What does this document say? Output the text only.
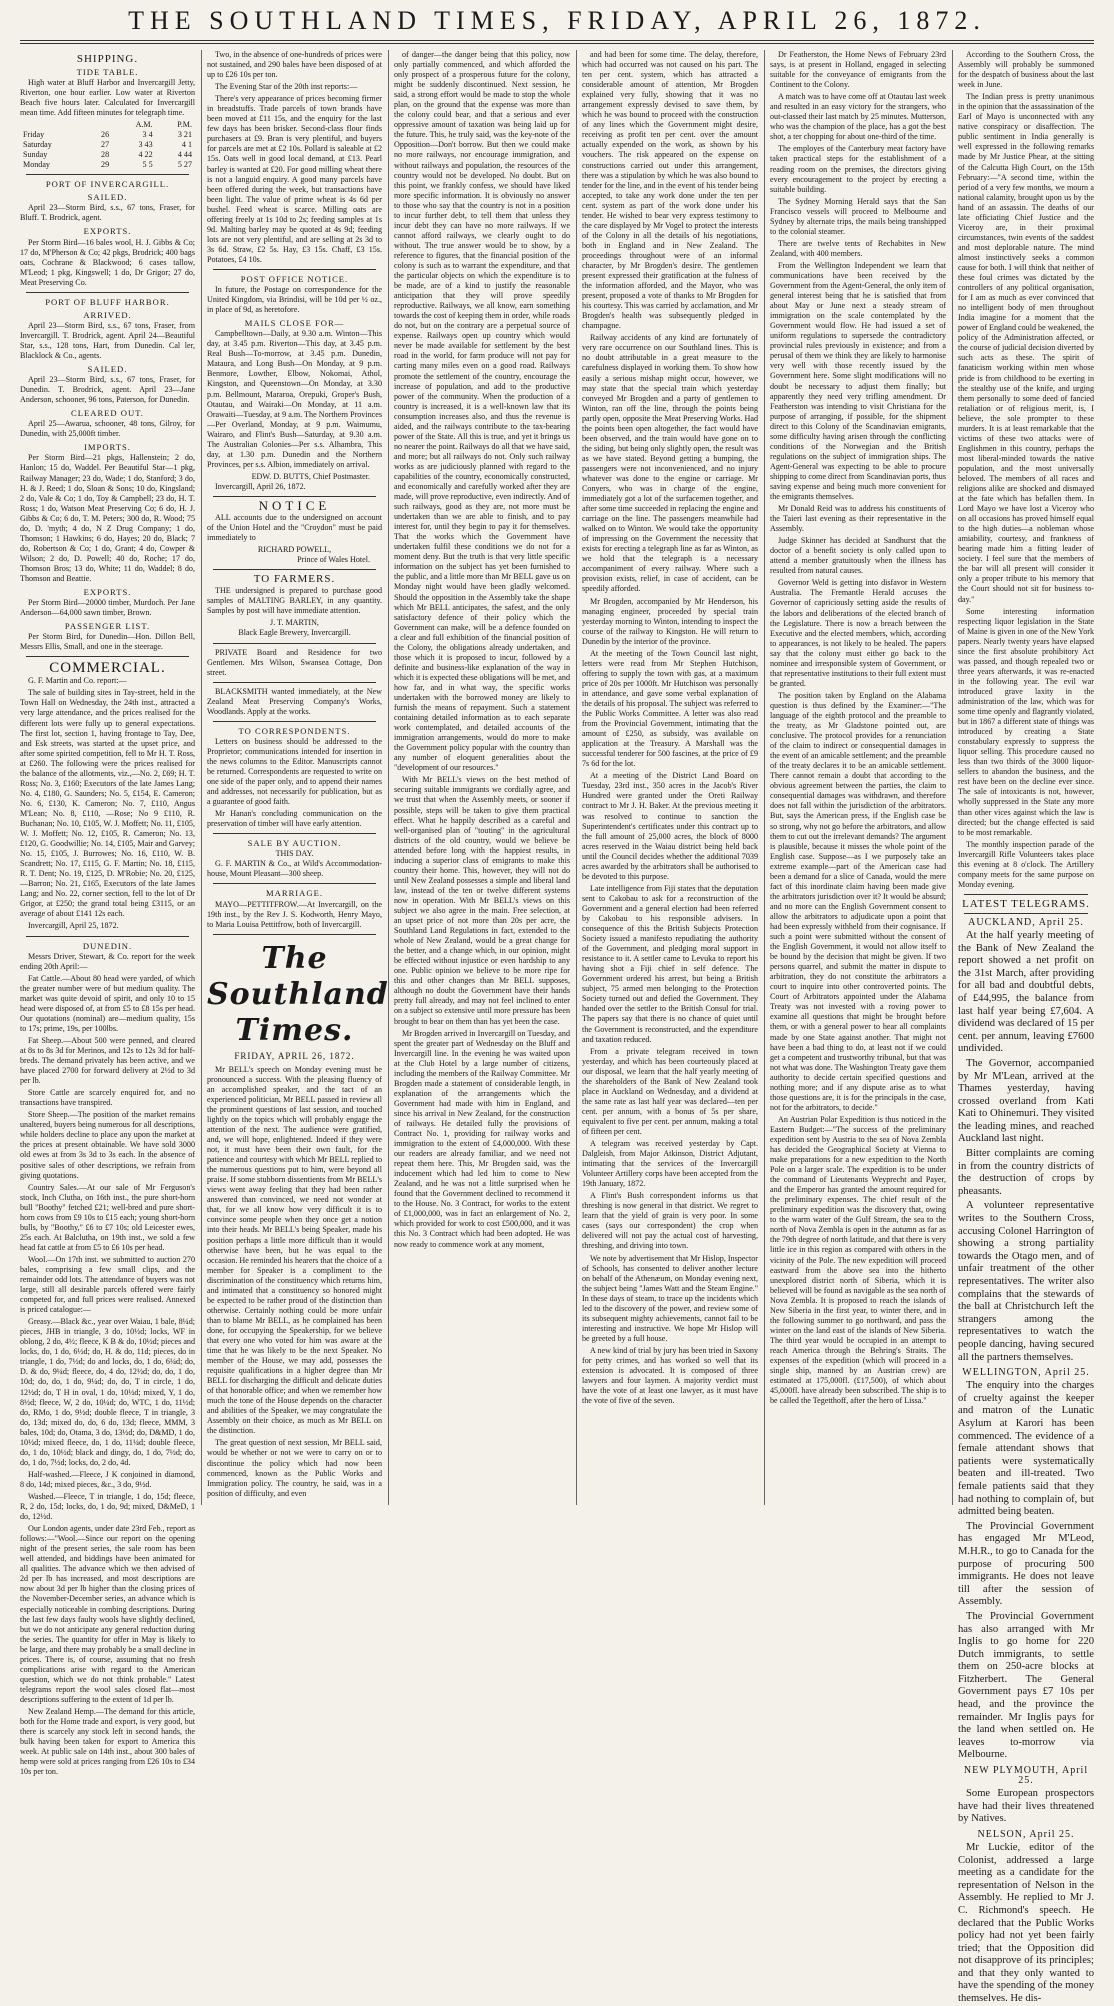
THE SOUTHLAND TIMES, FRIDAY, APRIL 26, 1872.
SHIPPING.
TIDE TABLE.

High water at Bluff Harbor and Invercargill Jetty, Riverton, one hour earlier. Low water at Riverton Beach five hours later. Calculated for Invercargill mean time. Add fifteen minutes for telegraph time.

		A.M.	P.M.
Friday	26	3 4	3 21
Saturday	27	3 43	4 1
Sunday	28	4 22	4 44
Monday	29	5 5	5 27
PORT OF INVERCARGILL.
SAILED.

April 23—Storm Bird, s.s., 67 tons, Fraser, for Bluff. T. Brodrick, agent.

EXPORTS.

Per Storm Bird—16 bales wool, H. J. Gibbs & Co; 17 do, M'Pherson & Co; 42 pkgs, Brodrick; 400 bags oats, Cochrane & Blackwood; 6 cases tallow, M'Leod; 1 pkg, Kingswell; 1 do, Dr Grigor; 27 do, Meat Preserving Co.

PORT OF BLUFF HARBOR.
ARRIVED.

April 23—Storm Bird, s.s., 67 tons, Fraser, from Invercargill. T. Brodrick, agent. April 24—Beautiful Star, s.s., 128 tons, Hart, from Dunedin. Cal ler, Blacklock & Co., agents.

SAILED.

April 23—Storm Bird, s.s., 67 tons, Fraser, for Dunedin. T. Brodrick, agent. April 23—Jane Anderson, schooner, 96 tons, Paterson, for Dunedin.

CLEARED OUT.

April 25—Awarua, schooner, 48 tons, Gilroy, for Dunedin, with 25,000ft timber.

IMPORTS.

Per Storm Bird—21 pkgs, Hallenstein; 2 do, Hanlon; 15 do, Waddel. Per Beautiful Star—1 pkg, Railway Manager; 23 do, Wade; 1 do, Stanford; 3 do, H. & J. Reed; 1 do, Sloan & Sons; 10 do, Kingsland; 2 do, Vale & Co; 1 do, Toy & Campbell; 23 do, H. T. Ross; 1 do, Watson Meat Preserving Co; 6 do, H. J. Gibbs & Co; 6 do, T. M. Peters; 300 do, R. Wood; 75 do, D. 'myth; 4 do, N Z Drug Company; 1 do, Thomson; 1 Hawkins; 6 do, Hayes; 20 do, Black; 7 do, Robertson & Co; 1 do, Grant; 4 do, Cowper & Wilson; 2 do, D. Powell; 40 do, Roche; 17 do, Thomson Bros; 13 do, White; 11 do, Waddel; 8 do, Thomson and Beattie.

EXPORTS.

Per Storm Bird—20000 timber, Murdoch. Per Jane Anderson—64,000 sawn timber, Brown.

PASSENGER LIST.

Per Storm Bird, for Dunedin—Hon. Dillon Bell, Messrs Ellis, Small, and one in the steerage.

COMMERCIAL.

G. F. Martin and Co. report:—

The sale of building sites in Tay-street, held in the Town Hall on Wednesday, the 24th inst., attracted a very large attendance, and the prices realised for the different lots were fully up to general expectations. The first lot, section 1, having frontage to Tay, Dee, and Esk streets, was started at the upset price, and after some spirited competition, fell to Mr H. T. Ross, at £260. The following were the prices realised for the balance of the allotments, viz.,—No. 2, £69; H. T. Ross; No. 3, £160; Executors of the late James Lang; No. 4, £180, G. Saunders; No. 5, £154, E. Cameron; No. 6, £130, K. Cameron; No. 7, £110, Angus M'Lean; No. 8, £110, —Rose; No 9 £110, R. Buchanan; No. 10, £105, W. J. Moffett; No. 11, £105, W. J. Moffett; No. 12, £105, R. Cameron; No. 13, £120, G. Goodwillie; No. 14, £105, Mair and Garvey; No. 15, £105, J. Burrowes; No. 16, £110, W. B. Scandrett; No. 17, £115, G. F. Martin; No. 18, £115, R. T. Dent; No. 19, £125, D. M'Robie; No. 20, £125, —Barron; No. 21, £165, Executors of the late James Lang; and No. 22, corner section, fell to the lot of Dr Grigor, at £250; the grand total being £3115, or an average of about £141 12s each.

Invercargill, April 25, 1872.

DUNEDIN.

Messrs Driver, Stewart, & Co. report for the week ending 20th April:—

Fat Cattle.—About 80 head were yarded, of which the greater number were of but medium quality. The market was quite devoid of spirit, and only 10 to 15 head were disposed of, at from £5 to £8 15s per head. Our quotations (nominal) are—medium quality, 15s to 17s; prime, 19s, per 100lbs.

Fat Sheep.—About 500 were penned, and cleared at 8s to 8s 3d for Merinos, and 12s to 12s 3d for half-breds. The demand privately has been active, and we have placed 2700 for forward delivery at 2½d to 3d per lb.

Store Cattle are scarcely enquired for, and no transactions have transpired.

Store Sheep.—The position of the market remains unaltered, buyers being numerous for all descriptions, while holders decline to place any upon the market at the prices at present obtainable. We have sold 3000 old ewes at from 3s 3d to 3s each. In the absence of positive sales of other descriptions, we refrain from giving quotations.

Country Sales.—At our sale of Mr Ferguson's stock, Inch Clutha, on 16th inst., the pure short-horn bull "Boothy" fetched £21; well-bred and pure short-horn cows from £9 10s to £15 each; young short-horn bulls, by "Boothy," £6 to £7 10s; old Leicester ewes, 25s each. At Balclutha, on 19th inst., we sold a few head fat cattle at from £5 to £6 10s per head.

Wool.—On 17th inst. we submitted to auction 270 bales, comprising a few small clips, and the remainder odd lots. The attendance of buyers was not large, still all desirable parcels offered were fairly competed for, and full prices were realised. Annexed is priced catalogue:—

Greasy.—Black &c., year over Waiau, 1 bale, 8¼d; pieces, JHB in triangle, 3 do, 10½d; locks, WF in oblong, 2 do, 4½; fleece, K B & do, 10½d; pieces and locks, do, 1 do, 6½d; do, H. & do, 11d; pieces, do in triangle, 1 do, 7½d; do and locks, do, 1 do, 6¼d; do, D. & do, 9¼d; fleece, do, 4 do, 12½d; do, do, 1 do, 10d; do, do, 1 do, 9¼d; do, do, T in circle, 1 do, 12½d; do, T H in oval, 1 do, 10½d; mixed, Y, 1 do, 8½d; fleece, W, 2 do, 10¼d; do, WTC, 1 do, 11½d; do, RMo, 1 do, 9½d; double fleece, T in triangle, 3 do, 13d; mixed do, do, 6 do, 13d; fleece, MMM, 3 bales, 10d; do, Otama, 3 do, 13½d; do, D&MD, 1 do, 10½d; mixed fleece, do, 1 do, 11¼d; double fleece, do, 1 do, 10½d; black and dingy, do, 1 do, 7½d; do, do, 1 do, 7½d; locks, do, 2 do, 4d.

Half-washed.—Fleece, J K conjoined in diamond, 8 do, 14d; mixed pieces, &c., 3 do, 9½d.

Washed.—Fleece, T in triangle, 1 do, 15d; fleece, R, 2 do, 15d; locks, do, 1 do, 9d; mixed, D&MeD, 1 do, 12½d.

Our London agents, under date 23rd Feb., report as follows:—"Wool.—Since our report on the opening night of the present series, the sale room has been well attended, and biddings have been animated for all qualities. The advance which we then advised of 2d per lb has increased, and most descriptions are now about 3d per lb higher than the closing prices of the November-December series, an advance which is especially noticeable in combing descriptions. During the last few days faulty wools have slightly declined, but we do not anticipate any general reduction during the series. The quantity for offer in May is likely to be large, and there may probably be a small decline in prices. There is, of course, assuming that no fresh complications arise with regard to the American question, which we do not think probable." Latest telegrams report the wool sales closed flat—most descriptions suffering to the extent of 1d per lb.

New Zealand Hemp.—The demand for this article, both for the Home trade and export, is very good, but there is scarcely any stock left in second hands, the bulk having been taken for export to America this week. At public sale on 14th inst., about 300 bales of hemp were sold at prices ranging from £26 10s to £34 10s per ton.

Two, in the absence of one-hundreds of prices were not sustained, and 290 bales have been disposed of at up to £26 10s per ton.

The Evening Star of the 20th inst reports:—

There's very appearance of prices becoming firmer in breadstuffs. Trade parcels of town brands have been moved at £11 15s, and the enquiry for the last few days has been brisker. Second-class flour finds purchasers at £9. Bran is very plentiful, and buyers for parcels are met at £2 10s. Pollard is saleable at £2 15s. Oats well in good local demand, at £13. Pearl barley is wanted at £20. For good milling wheat there is not a languid enquiry. A good many parcels have been offered during the week, but transactions have been light. The value of prime wheat is 4s 6d per bushel. Feed wheat is scarce. Milling oats are offering freely at 1s 10d to 2s; feeding samples at 1s 9d. Malting barley may be quoted at 4s 9d; feeding lots are not very plentiful, and are selling at 2s 3d to 3s 6d. Straw, £2 5s. Hay, £3 15s. Chaff, £3 15s. Potatoes, £4 10s.

POST OFFICE NOTICE.

In future, the Postage on correspondence for the United Kingdom, via Brindisi, will be 10d per ½ oz., in place of 9d, as heretofore.

MAILS CLOSE FOR—

Campbelltown—Daily, at 9.30 a.m. Winton—This day, at 3.45 p.m. Riverton—This day, at 3.45 p.m. Real Bush—To-morrow, at 3.45 p.m. Dunedin, Mataura, and Long Bush—On Monday, at 9 p.m. Benmore, Lowther, Elbow, Nokomai, Athol, Kingston, and Queenstown—On Monday, at 3.30 p.m. Bellmount, Mararoa, Orepuki, Groper's Bush, Otautau, and Wairaki—On Monday, at 11 a.m. Orawaiti—Tuesday, at 9 a.m. The Northern Provinces—Per Overland, Monday, at 9 p.m. Waimumu, Wairaro, and Flint's Bush—Saturday, at 9.30 a.m. The Australian Colonies—Per s.s. Alhambra, This day, at 1.30 p.m. Dunedin and the Northern Provinces, per s.s. Albion, immediately on arrival.

EDW. D. BUTTS, Chief Postmaster.

Invercargill, April 26, 1872.

NOTICE

ALL accounts due to the undersigned on account of the Union Hotel and the "Croydon" must be paid immediately to

RICHARD POWELL,
Prince of Wales Hotel.
TO FARMERS.

THE undersigned is prepared to purchase good samples of MALTING BARLEY, in any quantity. Samples by post will have immediate attention.

J. T. MARTIN,
Black Eagle Brewery, Invercargill.

PRIVATE Board and Residence for two Gentlemen. Mrs Wilson, Swansea Cottage, Don street.

BLACKSMITH wanted immediately, at the New Zealand Meat Preserving Company's Works, Woodlands. Apply at the works.

TO CORRESPONDENTS.

Letters on business should be addressed to the Proprietor; communications intended for insertion in the news columns to the Editor. Manuscripts cannot be returned. Correspondents are requested to write on one side of the paper only, and to append their names and addresses, not necessarily for publication, but as a guarantee of good faith.

Mr Hanan's concluding communication on the preservation of timber will have early attention.

SALE BY AUCTION.
THIS DAY.

G. F. MARTIN & Co., at Wild's Accommodation-house, Mount Pleasant—300 sheep.

MARRIAGE.

MAYO—PETTITFROW.—At Invercargill, on the 19th inst., by the Rev J. S. Kodworth, Henry Mayo, to Maria Louisa Pettitfrow, both of Invercargill.

The Southland Times.
FRIDAY, APRIL 26, 1872.

Mr BELL's speech on Monday evening must be pronounced a success. With the pleasing fluency of an accomplished speaker, and the tact of an experienced politician, Mr BELL passed in review all the prominent questions of last session, and touched lightly on the topics which will probably engage the attention of the next. The audience were gratified, and, we will hope, enlightened. Indeed if they were not, it must have been their own fault, for the patience and courtesy with which Mr BELL replied to the numerous questions put to him, were beyond all praise. If some stubborn dissentients from Mr BELL's views went away feeling that they had been rather answered than convinced, we need not wonder at that, for we all know how very difficult it is to convince some people when they once get a notion into their heads. Mr BELL's being Speaker, made his position perhaps a little more difficult than it would otherwise have been, but he was equal to the occasion. He reminded his hearers that the choice of a member for Speaker is a compliment to the discrimination of the constituency which returns him, and intimated that a constituency so honored might be expected to be rather proud of the distinction than otherwise. Certainly nothing could be more unfair than to blame Mr BELL, as he complained has been done, for occupying the Speakership, for we believe that every one who voted for him was aware at the time that he was likely to be the next Speaker. No member of the House, we may add, possesses the requisite qualifications in a higher degree than Mr BELL for discharging the difficult and delicate duties of that honorable office; and when we remember how much the tone of the House depends on the character and abilities of the Speaker, we may congratulate the Assembly on their choice, as much as Mr BELL on the distinction.

The great question of next session, Mr BELL said, would be whether or not we were to carry on or to discontinue the policy which had now been commenced, known as the Public Works and Immigration policy. The country, he said, was in a position of difficulty, and even

of danger—the danger being that this policy, now only partially commenced, and which afforded the only prospect of a prosperous future for the colony, might be suddenly discontinued. Next session, he said, a strong effort would be made to stop the whole plan, on the ground that the expense was more than the colony could bear, and that a serious and ever oppressive amount of taxation was being laid up for the future. This, he truly said, was the key-note of the Opposition—Don't borrow. But then we could make no more railways, nor encourage immigration, and without railways and population, the resources of the country would not be developed. No doubt. But on this point, we frankly confess, we should have liked more specific information. It is obviously no answer to those who say that the country is not in a position to incur further debt, to tell them that unless they incur debt they can have no more railways. If we cannot afford railways, we clearly ought to do without. The true answer would be to show, by a reference to figures, that the financial position of the colony is such as to warrant the expenditure, and that the particular objects on which the expenditure is to be made, are of a kind to justify the reasonable anticipation that they will prove speedily reproductive. Railways, we all know, earn something towards the cost of keeping them in order, while roads do not, but on the contrary are a perpetual source of expense. Railways open up country which would never be made available for settlement by the best road in the world, for farm produce will not pay for carting many miles even on a good road. Railways promote the settlement of the country, encourage the increase of population, and add to the productive power of the community. When the production of a country is increased, it is a well-known law that its consumption increases also, and thus the revenue is aided, and the railways contribute to the tax-bearing power of the State. All this is true, and yet it brings us no nearer the point. Railways do all that we have said, and more; but all railways do not. Only such railway works as are judiciously planned with regard to the capabilities of the country, economically constructed, and economically and carefully worked after they are made, will prove reproductive, even indirectly. And of such railways, good as they are, not more must be undertaken than we are able to finish, and to pay interest for, until they begin to pay it for themselves. That the works which the Government have undertaken fulfil these conditions we do not for a moment deny. But the truth is that very little specific information on the subject has yet been furnished to the public, and a little more than Mr BELL gave us on Monday night would have been gladly welcomed. Should the opposition in the Assembly take the shape which Mr BELL anticipates, the safest, and the only satisfactory defence of their policy which the Government can make, will be a defence founded on a clear and full exhibition of the financial position of the Colony, the obligations already undertaken, and those which it is proposed to incur, followed by a definite and business-like explanation of the way in which it is expected these obligations will be met, and how far, and in what way, the specific works undertaken with the borrowed money are likely to furnish the means of repayment. Such a statement containing detailed information as to each separate work contemplated, and detailed accounts of the immigration arrangements, would do more to make the Government policy popular with the country than any number of eloquent generalities about the "development of our resources."

With Mr BELL's views on the best method of securing suitable immigrants we cordially agree, and we trust that when the Assembly meets, or sooner if possible, steps will be taken to give them practical effect. What he happily described as a careful and well-organised plan of "touting" in the agricultural districts of the old country, would we believe be attended before long with the happiest results, in inducing a superior class of emigrants to make this country their home. This, however, they will not do until New Zealand possesses a simple and liberal land law, instead of the ten or twelve different systems now in operation. With Mr BELL's views on this subject we also agree in the main. Free selection, at an upset price of not more than 20s per acre, the Southland Land Regulations in fact, extended to the whole of New Zealand, would be a great change for the better, and a change which, in our opinion, might be effected without injustice or even hardship to any one. Public opinion we believe to be more ripe for this and other changes than Mr BELL supposes, although no doubt the Government have their hands pretty full already, and may not feel inclined to enter on a subject so extensive until more pressure has been brought to bear on them than has yet been the case.

Mr Brogden arrived in Invercargill on Tuesday, and spent the greater part of Wednesday on the Bluff and Invercargill line. In the evening he was waited upon at the Club Hotel by a large number of citizens, including the members of the Railway Committee. Mr Brogden made a statement of considerable length, in explanation of the arrangements which the Government had made with him in England, and since his arrival in New Zealand, for the construction of railways. He detailed fully the provisions of Contract No. 1, providing for railway works and immigration to the extent of £4,000,000. With these our readers are already familiar, and we need not repeat them here. This, Mr Brogden said, was the inducement which had led him to come to New Zealand, and he was not a little surprised when he found that the Government declined to recommend it to the House. No. 3 Contract, for works to the extent of £1,000,000, was in fact an enlargement of No. 2, which provided for work to cost £500,000, and it was this No. 3 Contract which had been adopted. He was now ready to commence work at any moment,

and had been for some time. The delay, therefore, which had occurred was not caused on his part. The ten per cent. system, which has attracted a considerable amount of attention, Mr Brogden explained very fully, showing that it was no arrangement expressly devised to save them, by which he was bound to proceed with the construction of any lines which the Government might desire, receiving as profit ten per cent. over the amount actually expended on the work, as shown by his vouchers. The risk appeared on the expense on constructions carried out under this arrangement, there was a stipulation by which he was also bound to tender for the line, and in the event of his tender being accepted, to take any work done under the ten per cent. system as part of the work done under his tender. He wished to bear very express testimony to the care displayed by Mr Vogel to protect the interests of the Colony in all the details of his negotiations, both in England and in New Zealand. The proceedings throughout were of an informal character, by Mr Brogden's desire. The gentlemen present expressed their gratification at the fulness of the information afforded, and the Mayor, who was present, proposed a vote of thanks to Mr Brogden for his courtesy. This was carried by acclamation, and Mr Brogden's health was subsequently pledged in champagne.

Railway accidents of any kind are fortunately of very rare occurrence on our Southland lines. This is no doubt attributable in a great measure to the carefulness displayed in working them. To show how easily a serious mishap might occur, however, we may state that the special train which yesterday conveyed Mr Brogden and a party of gentlemen to Winton, ran off the line, through the points being partly open, opposite the Meat Preserving Works. Had the points been open altogether, the fact would have been observed, and the train would have gone on to the siding, but being only slightly open, the result was as we have stated. Beyond getting a bumping, the passengers were not inconvenienced, and no injury whatever was done to the engine or carriage. Mr Conyers, who was in charge of the engine, immediately got a lot of the surfacemen together, and after some time succeeded in replacing the engine and carriage on the line. The passengers meanwhile had walked on to Winton. We would take the opportunity of impressing on the Government the necessity that exists for erecting a telegraph line as far as Winton, as we hold that the telegraph is a necessary accompaniment of every railway. Where such a provision exists, relief, in case of accident, can be speedily afforded.

Mr Brogden, accompanied by Mr Henderson, his managing engineer, proceeded by special train yesterday morning to Winton, intending to inspect the course of the railway to Kingston. He will return to Dunedin by the interior of the province.

At the meeting of the Town Council last night, letters were read from Mr Stephen Hutchison, offering to supply the town with gas, at a maximum price of 20s per 1000ft. Mr Hutchison was personally in attendance, and gave some verbal explanation of the details of his proposal. The subject was referred to the Public Works Committee. A letter was also read from the Provincial Government, intimating that the amount of £250, as subsidy, was available on application at the Treasury. A Marshall was the successful tenderer for 500 fascines, at the price of £9 7s 6d for the lot.

At a meeting of the District Land Board on Tuesday, 23rd inst., 350 acres in the Jacob's River Hundred were granted under the Oreti Railway contract to Mr J. H. Baker. At the previous meeting it was resolved to continue to sanction the Superintendent's certificates under this contract up to the full amount of 25,000 acres, the block of 8000 acres reserved in the Waiau district being held back until the Council decides whether the additional 7039 acres awarded by the arbitrators shall be authorised to be devoted to this purpose.

Late intelligence from Fiji states that the deputation sent to Cakobau to ask for a reconstruction of the Government and a general election had been referred by Cakobau to his responsible advisers. In consequence of this the British Subjects Protection Society issued a manifesto repudiating the authority of the Government, and pledging moral support in resistance to it. A settler came to Levuka to report his having shot a Fiji chief in self defence. The Government ordered his arrest, but being a British subject, 75 armed men belonging to the Protection Society turned out and defied the Government. They handed over the settler to the British Consul for trial. The papers say that there is no chance of quiet until the Government is reconstructed, and the expenditure and taxation reduced.

From a private telegram received in town yesterday, and which has been courteously placed at our disposal, we learn that the half yearly meeting of the shareholders of the Bank of New Zealand took place in Auckland on Wednesday, and a dividend at the same rate as last half year was declared—ten per cent. per annum, with a bonus of 5s per share, equivalent to five per cent. per annum, making a total of fifteen per cent.

A telegram was received yesterday by Capt. Dalgleish, from Major Atkinson, District Adjutant, intimating that the services of the Invercargill Volunteer Artillery corps have been accepted from the 19th January, 1872.

A Flint's Bush correspondent informs us that threshing is now general in that district. We regret to learn that the yield of grain is very poor. In some cases (says our correspondent) the crop when delivered will not pay the actual cost of harvesting, threshing, and driving into town.

We note by advertisement that Mr Hislop, Inspector of Schools, has consented to deliver another lecture on behalf of the Athenæum, on Monday evening next, the subject being "James Watt and the Steam Engine." In these days of steam, to trace up the incidents which led to the discovery of the power, and review some of its subsequent mighty achievements, cannot fail to be interesting and instructive. We hope Mr Hislop will be greeted by a full house.

A new kind of trial by jury has been tried in Saxony for petty crimes, and has worked so well that its extension is advocated. It is composed of three lawyers and four laymen. A majority verdict must have the vote of at least one lawyer, as it must have the vote of five of the seven.

Dr Featherston, the Home News of February 23rd says, is at present in Holland, engaged in selecting suitable for the conveyance of emigrants from the Continent to the Colony.

A match was to have come off at Otautau last week and resulted in an easy victory for the strangers, who out-classed their last match by 25 minutes. Mutterson, who was the champion of the place, has a got the best shot, a ter chopping for about one-third of the time.

The employes of the Canterbury meat factory have taken practical steps for the establishment of a reading room on the premises, the directors giving every encouragement to the project by erecting a suitable building.

The Sydney Morning Herald says that the San Francisco vessels will proceed to Melbourne and Sydney by alternate trips, the mails being transhipped to the colonial steamer.

There are twelve tents of Rechabites in New Zealand, with 400 members.

From the Wellington Independent we learn that communications have been received by the Government from the Agent-General, the only item of general interest being that he is satisfied that from about May or June next a steady stream of immigration on the scale contemplated by the Government would flow. He had issued a set of uniform regulations to supersede the contradictory provincial rules previously in existence; and from a perusal of them we think they are likely to harmonise very well with those recently issued by the Government here. Some slight modifications will no doubt be necessary to adjust them finally; but apparently they need very trifling amendment. Dr Featherston was intending to visit Christiana for the purpose of arranging, if possible, for the shipment direct to this Colony of the Scandinavian emigrants, some difficulty having arisen through the conflicting conditions of the Norwegian and the British regulations on the subject of immigration ships. The Agent-General was expecting to be able to procure shipping to come direct from Scandinavian ports, thus saving expense and being much more convenient for the emigrants themselves.

Mr Donald Reid was to address his constituents of the Taieri last evening as their representative in the Assembly.

Judge Skinner has decided at Sandhurst that the doctor of a benefit society is only called upon to attend a member gratuitously when the illness has resulted from natural causes.

Governor Weld is getting into disfavor in Western Australia. The Fremantle Herald accuses the Governor of capriciously setting aside the results of the labors and deliberations of the elected branch of the Legislature. There is now a breach between the Executive and the elected members, which, according to appearances, is not likely to be healed. The papers say that the colony must either go back to the nominee and irresponsible system of Government, or that representative institutions to their full extent must be granted.

The position taken by England on the Alabama question is thus defined by the Examiner:—"The language of the eighth protocol and the preamble to the treaty, as Mr Gladstone pointed out, are conclusive. The protocol provides for a renunciation of the claim to indirect or consequential damages in the event of an amicable settlement; and the preamble of the treaty declares it to be an amicable settlement. There cannot remain a doubt that according to the obvious agreement between the parties, the claim to consequential damages was withdrawn, and therefore does not fall within the jurisdiction of the arbitrators. But, says the American press, if the English case be so strong, why not go before the arbitrators, and allow them to cut out the irrelevant demands? The argument is plausible, because it misses the whole point of the English case. Suppose—as I we purposely take an extreme example—part of the American case had been a demand for a slice of Canada, would the mere fact of this inordinate claim having been made give the arbitrators jurisdiction over it? It would be absurd; and no more can the English Government consent to allow the arbitrators to adjudicate upon a point that had been expressly withheld from their cognisance. If such a point were submitted without the consent of the English Government, it would not allow itself to be bound by the decision that might be given. If two persons quarrel, and submit the matter in dispute to arbitration, they do not constitute the arbitrators a court to inquire into other controverted points. The Court of Arbitrators appointed under the Alabama Treaty was not invested with a roving power to examine all questions that might be brought before them, or with a general power to hear all complaints made by one State against another. That might not have been a bad thing to do, at least not if we could get a competent and trustworthy tribunal, but that was not what was done. The Washington Treaty gave them authority to decide certain specified questions and nothing more; and if any dispute arise as to what those questions are, it is for the principals in the case, not for the arbitrators, to decide."

An Austrian Polar Expedition is thus noticed in the Eastern Budget:—"The success of the preliminary expedition sent by Austria to the sea of Nova Zembla has decided the Geographical Society at Vienna to make preparations for a new expedition to the North Pole on a larger scale. The expedition is to be under the command of Lieutenants Weyprecht and Payer, and the Emperor has granted the amount required for the preliminary expenses. The chief result of the preliminary expedition was the discovery that, owing to the warm water of the Gulf Stream, the sea to the north of Nova Zembla is open in the autumn as far as the 79th degree of north latitude, and that there is very little ice in this region as compared with others in the vicinity of the Pole. The new expedition will proceed eastward from the above sea into the hitherto unexplored district north of Siberia, which it is believed will be found as navigable as the sea north of Nova Zembla. It is proposed to reach the islands of New Siberia in the first year, to winter there, and in the following summer to go northward, and pass the winter on the land east of the islands of New Siberia. The third year would be occupied in an attempt to reach America through the Behring's Straits. The expenses of the expedition (which will proceed in a single ship, manned by an Austrian crew) are estimated at 175,000fl. (£17,500), of which about 45,000fl. have already been subscribed. The ship is to be called the Tegetthoff, after the hero of Lissa."

According to the Southern Cross, the Assembly will probably be summoned for the despatch of business about the last week in June.

The Indian press is pretty unanimous in the opinion that the assassination of the Earl of Mayo is unconnected with any native conspiracy or disaffection. The public sentiment in India generally is well expressed in the following remarks made by Mr Justice Phear, at the sitting of the Calcutta High Court, on the 15th February:—"A second time, within the period of a very few months, we mourn a national calamity, brought upon us by the hand of an assassin. The deaths of our late officiating Chief Justice and the Viceroy are, in their proximal circumstances, twin events of the saddest and most deplorable nature. The mind almost instinctively seeks a common cause for both. I will think that neither of these foul crimes was dictated by the controllers of any political organisation, for I am as much as ever convinced that no intelligent body of men throughout India imagine for a moment that the power of England could be weakened, the policy of the Administration affected, or the course of judicial decision diverted by such acts as these. The spirit of fanaticism working within men whose pride is from childhood to be exerting in the stealthy use of the knife, and urging them personally to some deed of fancied retaliation or of religious merit, is, I believe, the sole prompter to these murders. It is at least remarkable that the victims of these two attacks were of Englishmen in this country, perhaps the most liberal-minded towards the native population, and the most universally beloved. The members of all races and religions alike are shocked and dismayed at the fate which has befallen them. In Lord Mayo we have lost a Viceroy who on all occasions has proved himself equal to the high duties—a nobleman whose amiability, courtesy, and frankness of bearing made him a fitting leader of society. I feel sure that the members of the bar will all present will consider it only a proper tribute to his memory that the Court should not sit for business to-day."

Some interesting information respecting liquor legislation in the State of Maine is given in one of the New York papers. Nearly twenty years have elapsed since the first absolute prohibitory Act was passed, and though repealed two or three years afterwards, it was re-enacted in the following year. The evil war introduced grave laxity in the administration of the law, which was for some time openly and flagrantly violated, but in 1867 a different state of things was introduced by creating a State constabulary expressly to suppress the liquor selling. This procedure caused no less than two thirds of the 3000 liquor-sellers to abandon the business, and the rest have been on the decline ever since. The sale of intoxicants is not, however, wholly suppressed in the State any more than other vices against which the law is directed; but the change effected is said to be most remarkable.

The monthly inspection parade of the Invercargill Rifle Volunteers takes place this evening at 8 o'clock. The Artillery company meets for the same purpose on Monday evening.

LATEST TELEGRAMS.
AUCKLAND, April 25.

At the half yearly meeting of the Bank of New Zealand the report showed a net profit on the 31st March, after providing for all bad and doubtful debts, of £44,995, the balance from last half year being £7,604. A dividend was declared of 15 per cent. per annum, leaving £7600 undivided.

The Governor, accompanied by Mr M'Lean, arrived at the Thames yesterday, having crossed overland from Kati Kati to Ohinemuri. They visited the leading mines, and reached Auckland last night.

Bitter complaints are coming in from the country districts of the destruction of crops by pheasants.

A volunteer representative writes to the Southern Cross, accusing Colonel Harrington of showing a strong partiality towards the Otago men, and of unfair treatment of the other representatives. The writer also complains that the stewards of the ball at Christchurch left the strangers among the representatives to watch the people dancing, having secured all the partners themselves.

WELLINGTON, April 25.

The enquiry into the charges of cruelty against the keeper and matron of the Lunatic Asylum at Karori has been commenced. The evidence of a female attendant shows that patients were systematically beaten and ill-treated. Two female patients said that they had nothing to complain of, but admitted being beaten.

The Provincial Government has engaged Mr M'Leod, M.H.R., to go to Canada for the purpose of procuring 500 immigrants. He does not leave till after the session of Assembly.

The Provincial Government has also arranged with Mr Inglis to go home for 220 Dutch immigrants, to settle them on 250-acre blocks at Fitzherbert. The General Government pays £7 10s per head, and the province the remainder. Mr Inglis pays for the land when settled on. He leaves to-morrow via Melbourne.

NEW PLYMOUTH, April 25.

Some European prospectors have had their lives threatened by Natives.

NELSON, April 25.

Mr Luckie, editor of the Colonist, addressed a large meeting as a candidate for the representation of Nelson in the Assembly. He replied to Mr J. C. Richmond's speech. He declared that the Public Works policy had not yet been fairly tried; that the Opposition did not disapprove of its principles; and that they only wanted to have the spending of the money themselves. He dis-
